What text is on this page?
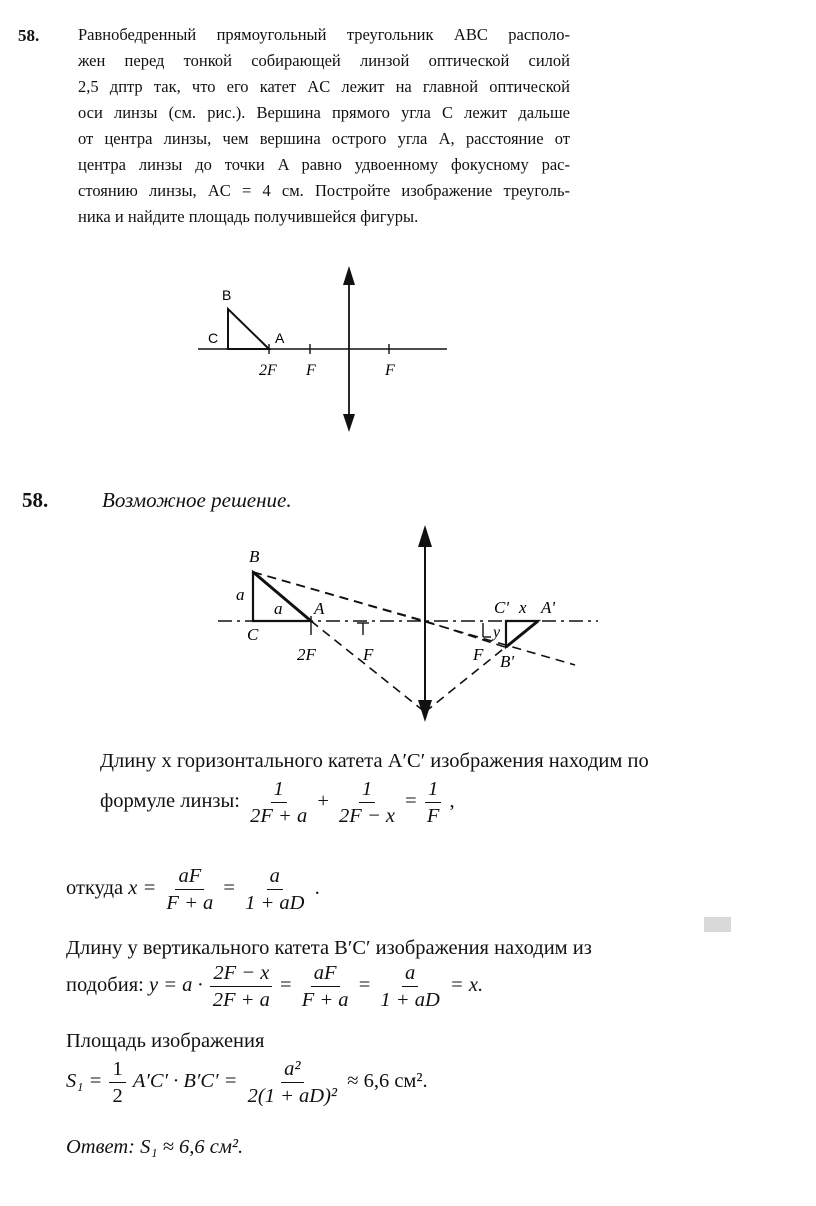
58. Равнобедренный прямоугольный треугольник ABC располо-
жен перед тонкой собирающей линзой оптической силой
2,5 дптр так, что его катет AC лежит на главной оптической
оси линзы (см. рис.). Вершина прямого угла C лежит дальше
от центра линзы, чем вершина острого угла A, расстояние от
центра линзы до точки A равно удвоенному фокусному рас-
стоянию линзы, AC = 4 см. Постройте изображение треуголь-
ника и найдите площадь получившейся фигуры.
B
C	A
2F F	F
58.	Возможное решение.
B
a
a A
C
2F	F
C' x A'
y
F B'
Длину x горизонтального катета A′C′ изображения находим по
формуле линзы: $\frac{1}{2F + a} + \frac{1}{2F - x} = \frac{1}{F}$ ,
откуда $x = \frac{aF}{F + a} = \frac{a}{1 + aD}$ .
Длину y вертикального катета B′C′ изображения находим из
подобия: $y = a \cdot \frac{2F - x}{2F + a} = \frac{aF}{F + a} = \frac{a}{1 + aD} = x$.
Площадь изображения
$S_1 = \frac{1}{2} A'C' \cdot B'C' = \frac{\text{a²}}{\text{2(1 + aD)²}} \approx 6,6$ см².
Ответ: S₁ ≈ 6,6 см².
